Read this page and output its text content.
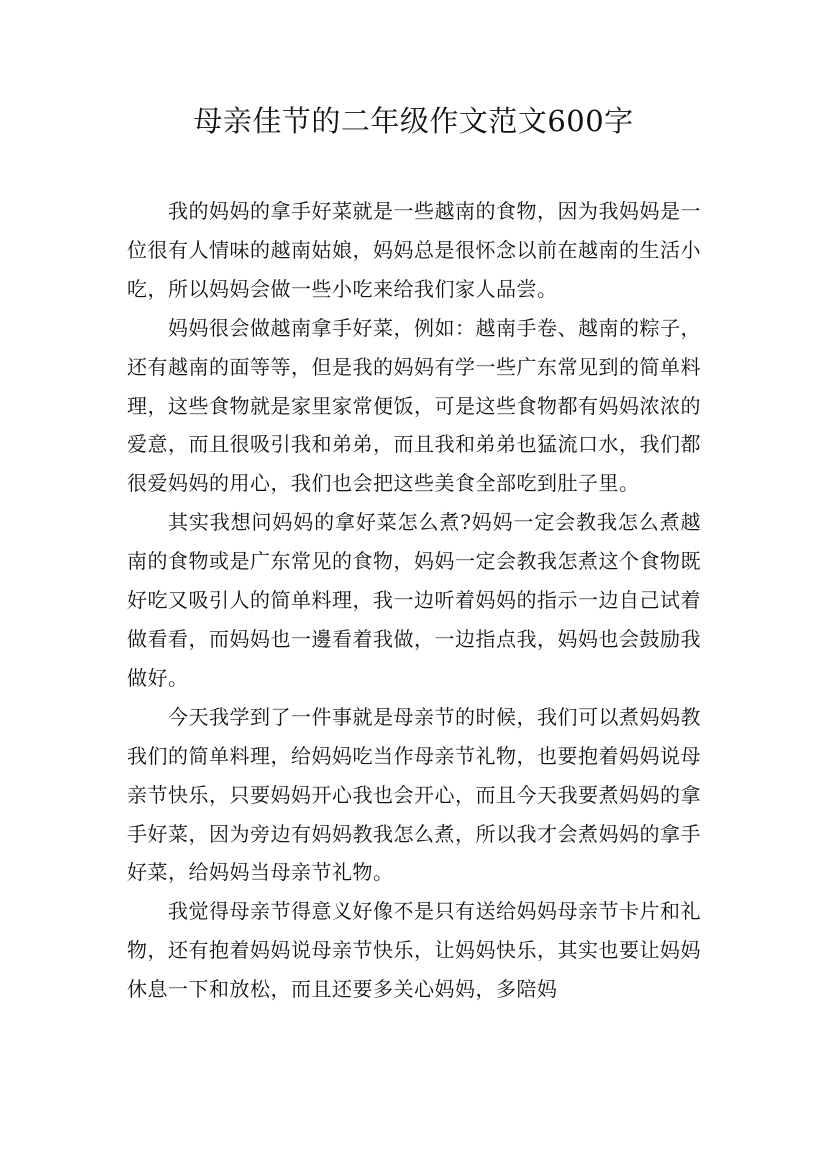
母亲佳节的二年级作文范文600字

我的妈妈的拿手好菜就是一些越南的食物，因为我妈妈是一位很有人情味的越南姑娘，妈妈总是很怀念以前在越南的生活小吃，所以妈妈会做一些小吃来给我们家人品尝。

妈妈很会做越南拿手好菜，例如：越南手卷、越南的粽子，还有越南的面等等，但是我的妈妈有学一些广东常见到的简单料理，这些食物就是家里家常便饭，可是这些食物都有妈妈浓浓的爱意，而且很吸引我和弟弟，而且我和弟弟也猛流口水，我们都很爱妈妈的用心，我们也会把这些美食全部吃到肚子里。

其实我想问妈妈的拿好菜怎么煮?妈妈一定会教我怎么煮越南的食物或是广东常见的食物，妈妈一定会教我怎煮这个食物既好吃又吸引人的简单料理，我一边听着妈妈的指示一边自己试着做看看，而妈妈也一邊看着我做，一边指点我，妈妈也会鼓励我做好。

今天我学到了一件事就是母亲节的时候，我们可以煮妈妈教我们的简单料理，给妈妈吃当作母亲节礼物，也要抱着妈妈说母亲节快乐，只要妈妈开心我也会开心，而且今天我要煮妈妈的拿手好菜，因为旁边有妈妈教我怎么煮，所以我才会煮妈妈的拿手好菜，给妈妈当母亲节礼物。

我觉得母亲节得意义好像不是只有送给妈妈母亲节卡片和礼物，还有抱着妈妈说母亲节快乐，让妈妈快乐，其实也要让妈妈休息一下和放松，而且还要多关心妈妈，多陪妈
